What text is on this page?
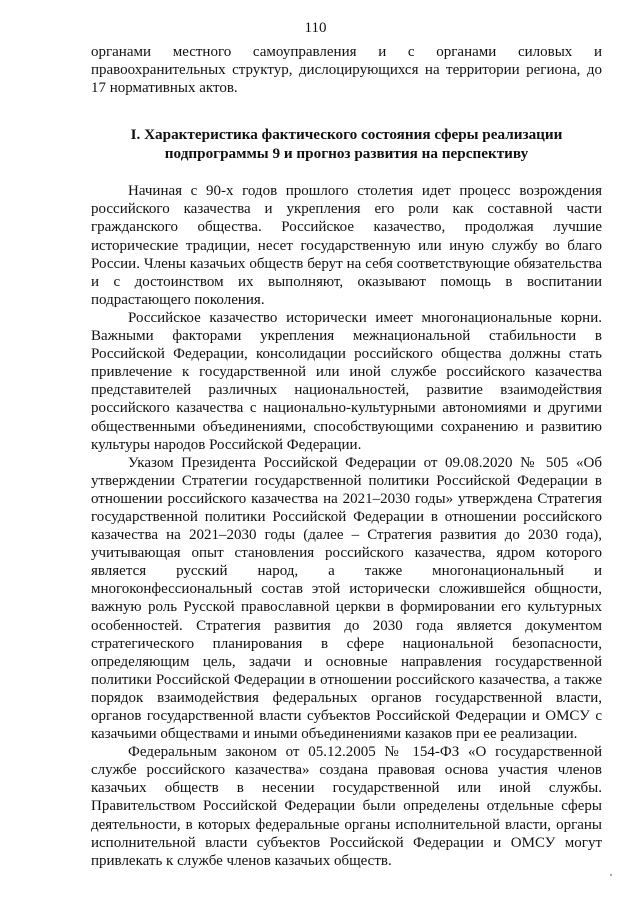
110

органами местного самоуправления и с органами силовых и правоохранительных структур, дислоцирующихся на территории региона, до 17 нормативных актов.

I. Характеристика фактического состояния сферы реализации
подпрограммы 9 и прогноз развития на перспективу

Начиная с 90-х годов прошлого столетия идет процесс возрождения российского казачества и укрепления его роли как составной части гражданского общества. Российское казачество, продолжая лучшие исторические традиции, несет государственную или иную службу во благо России. Члены казачьих обществ берут на себя соответствующие обязательства и с достоинством их выполняют, оказывают помощь в воспитании подрастающего поколения.

Российское казачество исторически имеет многонациональные корни. Важными факторами укрепления межнациональной стабильности в Российской Федерации, консолидации российского общества должны стать привлечение к государственной или иной службе российского казачества представителей различных национальностей, развитие взаимодействия российского казачества с национально-культурными автономиями и другими общественными объединениями, способствующими сохранению и развитию культуры народов Российской Федерации.

Указом Президента Российской Федерации от 09.08.2020 № 505 «Об утверждении Стратегии государственной политики Российской Федерации в отношении российского казачества на 2021–2030 годы» утверждена Стратегия государственной политики Российской Федерации в отношении российского казачества на 2021–2030 годы (далее – Стратегия развития до 2030 года), учитывающая опыт становления российского казачества, ядром которого является русский народ, а также многонациональный и многоконфессиональный состав этой исторически сложившейся общности, важную роль Русской православной церкви в формировании его культурных особенностей. Стратегия развития до 2030 года является документом стратегического планирования в сфере национальной безопасности, определяющим цель, задачи и основные направления государственной политики Российской Федерации в отношении российского казачества, а также порядок взаимодействия федеральных органов государственной власти, органов государственной власти субъектов Российской Федерации и ОМСУ с казачьими обществами и иными объединениями казаков при ее реализации.

Федеральным законом от 05.12.2005 № 154-ФЗ «О государственной службе российского казачества» создана правовая основа участия членов казачьих обществ в несении государственной или иной службы. Правительством Российской Федерации были определены отдельные сферы деятельности, в которых федеральные органы исполнительной власти, органы исполнительной власти субъектов Российской Федерации и ОМСУ могут привлекать к службе членов казачьих обществ.
